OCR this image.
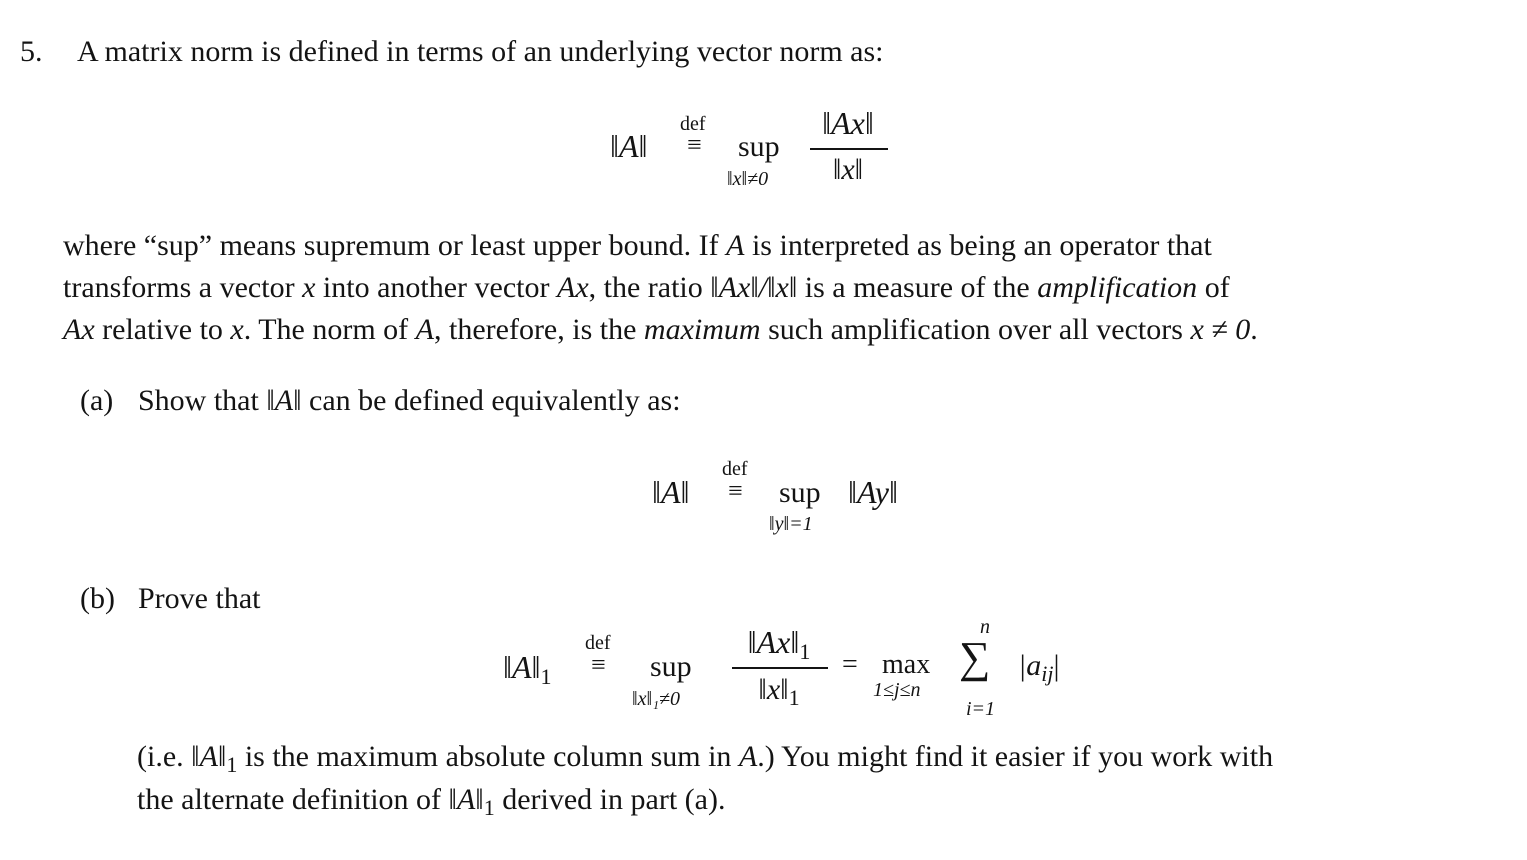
5. A matrix norm is defined in terms of an underlying vector norm as:
‖A‖
def
≡ sup
‖x‖≠0
‖Ax‖
‖x‖
where “sup” means supremum or least upper bound. If A is interpreted as being an operator that
transforms a vector x into another vector Ax, the ratio ‖Ax‖/‖x‖ is a measure of the amplification of
Ax relative to x. The norm of A, therefore, is the maximum such amplification over all vectors x ≠ 0.
(a) Show that ‖A‖ can be defined equivalently as:
‖A‖
def
≡ sup
‖y‖=1
‖Ay‖
(b) Prove that
‖A‖1
def
≡ sup
‖x‖₁≠0
‖Ax‖1
$‖x‖_1$
= max
1≤j≤n
n
∑
i=1
$|a_{ij}|$
(i.e. $‖A‖_1$ is the maximum absolute column sum in A.) You might find it easier if you work with
the alternate definition of $‖A‖_1$ derived in part (a).
